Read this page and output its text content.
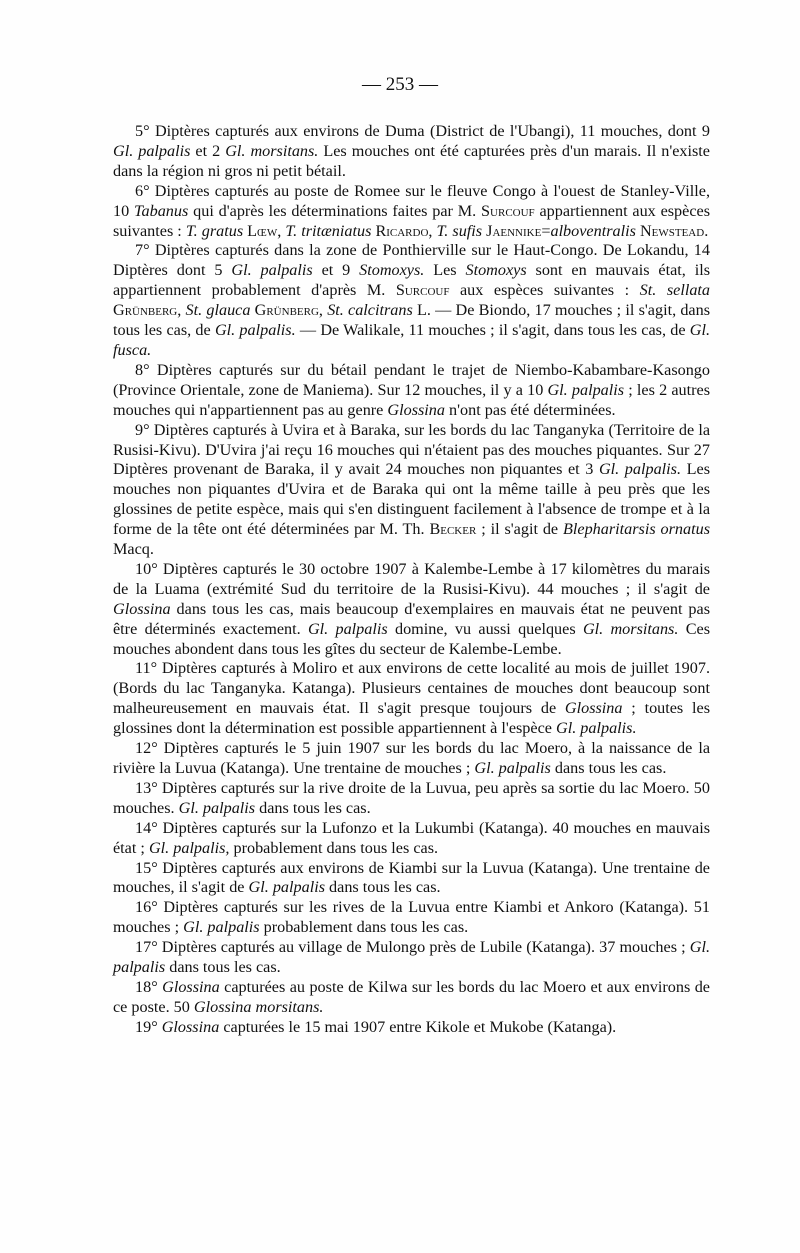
— 253 —

5° Diptères capturés aux environs de Duma (District de l'Ubangi), 11 mouches, dont 9 Gl. palpalis et 2 Gl. morsitans. Les mouches ont été capturées près d'un marais. Il n'existe dans la région ni gros ni petit bétail.

6° Diptères capturés au poste de Romee sur le fleuve Congo à l'ouest de Stanley-Ville, 10 Tabanus qui d'après les déterminations faites par M. Surcouf appartiennent aux espèces suivantes : T. gratus Lœw, T. tritæniatus Ricardo, T. sufis Jaennike=alboventralis Newstead.

7° Diptères capturés dans la zone de Ponthierville sur le Haut-Congo. De Lokandu, 14 Diptères dont 5 Gl. palpalis et 9 Stomoxys. Les Stomoxys sont en mauvais état, ils appartiennent probablement d'après M. Surcouf aux espèces suivantes : St. sellata Grünberg, St. glauca Grünberg, St. calcitrans L. — De Biondo, 17 mouches ; il s'agit, dans tous les cas, de Gl. palpalis. — De Walikale, 11 mouches ; il s'agit, dans tous les cas, de Gl. fusca.

8° Diptères capturés sur du bétail pendant le trajet de Niembo-Kabambare-Kasongo (Province Orientale, zone de Maniema). Sur 12 mouches, il y a 10 Gl. palpalis ; les 2 autres mouches qui n'appartiennent pas au genre Glossina n'ont pas été déterminées.

9° Diptères capturés à Uvira et à Baraka, sur les bords du lac Tanganyka (Territoire de la Rusisi-Kivu). D'Uvira j'ai reçu 16 mouches qui n'étaient pas des mouches piquantes. Sur 27 Diptères provenant de Baraka, il y avait 24 mouches non piquantes et 3 Gl. palpalis. Les mouches non piquantes d'Uvira et de Baraka qui ont la même taille à peu près que les glossines de petite espèce, mais qui s'en distinguent facilement à l'absence de trompe et à la forme de la tête ont été déterminées par M. Th. Becker ; il s'agit de Blepharitarsis ornatus Macq.

10° Diptères capturés le 30 octobre 1907 à Kalembe-Lembe à 17 kilomètres du marais de la Luama (extrémité Sud du territoire de la Rusisi-Kivu). 44 mouches ; il s'agit de Glossina dans tous les cas, mais beaucoup d'exemplaires en mauvais état ne peuvent pas être déterminés exactement. Gl. palpalis domine, vu aussi quelques Gl. morsitans. Ces mouches abondent dans tous les gîtes du secteur de Kalembe-Lembe.

11° Diptères capturés à Moliro et aux environs de cette localité au mois de juillet 1907. (Bords du lac Tanganyka. Katanga). Plusieurs centaines de mouches dont beaucoup sont malheureusement en mauvais état. Il s'agit presque toujours de Glossina ; toutes les glossines dont la détermination est possible appartiennent à l'espèce Gl. palpalis.

12° Diptères capturés le 5 juin 1907 sur les bords du lac Moero, à la naissance de la rivière la Luvua (Katanga). Une trentaine de mouches ; Gl. palpalis dans tous les cas.

13° Diptères capturés sur la rive droite de la Luvua, peu après sa sortie du lac Moero. 50 mouches. Gl. palpalis dans tous les cas.

14° Diptères capturés sur la Lufonzo et la Lukumbi (Katanga). 40 mouches en mauvais état ; Gl. palpalis, probablement dans tous les cas.

15° Diptères capturés aux environs de Kiambi sur la Luvua (Katanga). Une trentaine de mouches, il s'agit de Gl. palpalis dans tous les cas.

16° Diptères capturés sur les rives de la Luvua entre Kiambi et Ankoro (Katanga). 51 mouches ; Gl. palpalis probablement dans tous les cas.

17° Diptères capturés au village de Mulongo près de Lubile (Katanga). 37 mouches ; Gl. palpalis dans tous les cas.

18° Glossina capturées au poste de Kilwa sur les bords du lac Moero et aux environs de ce poste. 50 Glossina morsitans.

19° Glossina capturées le 15 mai 1907 entre Kikole et Mukobe (Katanga).
